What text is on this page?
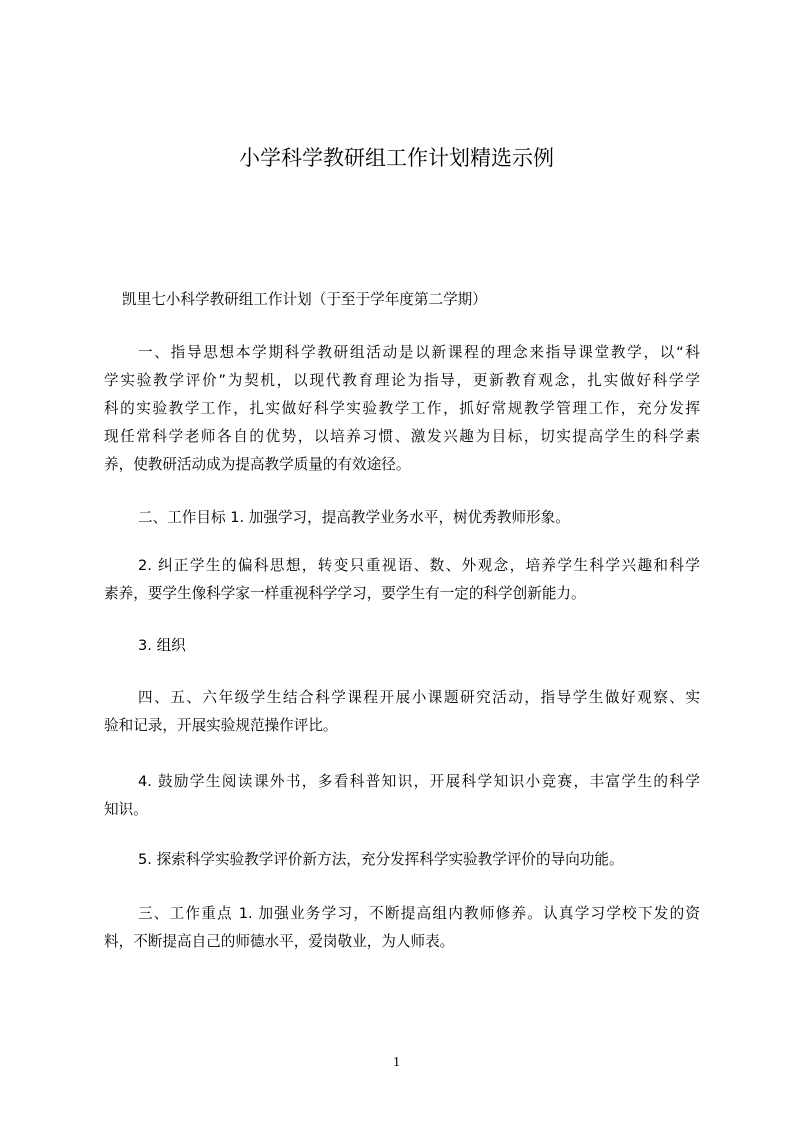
小学科学教研组工作计划精选示例
凯里七小科学教研组工作计划（于至于学年度第二学期）
一、指导思想本学期科学教研组活动是以新课程的理念来指导课堂教学，以“科
学实验教学评价”为契机，以现代教育理论为指导，更新教育观念，扎实做好科学学
科的实验教学工作，扎实做好科学实验教学工作，抓好常规教学管理工作，充分发挥
现任常科学老师各自的优势，以培养习惯、激发兴趣为目标，切实提高学生的科学素
养，使教研活动成为提高教学质量的有效途径。
二、工作目标 1. 加强学习，提高教学业务水平，树优秀教师形象。
2. 纠正学生的偏科思想，转变只重视语、数、外观念，培养学生科学兴趣和科学
素养，要学生像科学家一样重视科学学习，要学生有一定的科学创新能力。
3. 组织
四、五、六年级学生结合科学课程开展小课题研究活动，指导学生做好观察、实
验和记录，开展实验规范操作评比。
4. 鼓励学生阅读课外书，多看科普知识，开展科学知识小竞赛，丰富学生的科学
知识。
5. 探索科学实验教学评价新方法，充分发挥科学实验教学评价的导向功能。
三、工作重点 1. 加强业务学习，不断提高组内教师修养。认真学习学校下发的资
料，不断提高自己的师德水平，爱岗敬业，为人师表。
1
